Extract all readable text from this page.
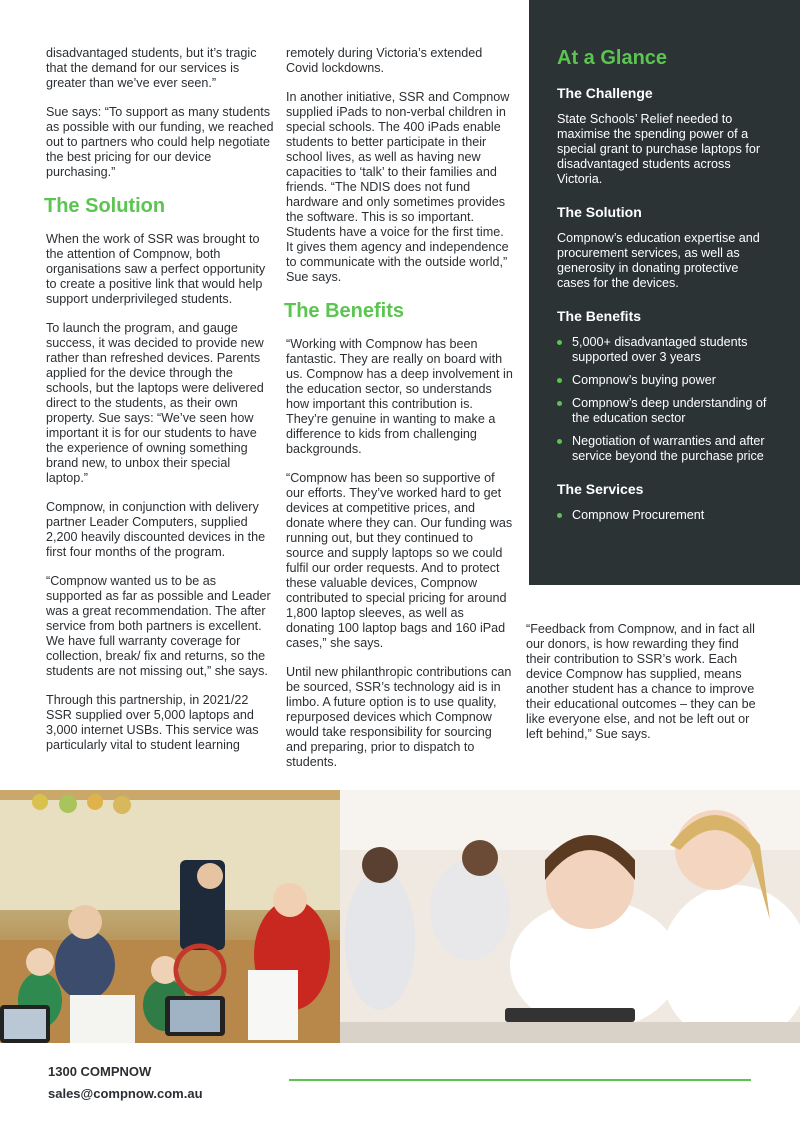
disadvantaged students, but it’s tragic that the demand for our services is greater than we’ve ever seen.”

Sue says: “To support as many students as possible with our funding, we reached out to partners who could help negotiate the best pricing for our device purchasing.”

The Solution

When the work of SSR was brought to the attention of Compnow, both organisations saw a perfect opportunity to create a positive link that would help support underprivileged students.

To launch the program, and gauge success, it was decided to provide new rather than refreshed devices. Parents applied for the device through the schools, but the laptops were delivered direct to the students, as their own property. Sue says: “We’ve seen how important it is for our students to have the experience of owning something brand new, to unbox their special laptop.”

Compnow, in conjunction with delivery partner Leader Computers, supplied 2,200 heavily discounted devices in the first four months of the program.

“Compnow wanted us to be as supported as far as possible and Leader was a great recommendation. The after service from both partners is excellent. We have full warranty coverage for collection, break/ fix and returns, so the students are not missing out,” she says.

Through this partnership, in 2021/22 SSR supplied over 5,000 laptops and 3,000 internet USBs. This service was particularly vital to student learning

remotely during Victoria’s extended Covid lockdowns.

In another initiative, SSR and Compnow supplied iPads to non-verbal children in special schools. The 400 iPads enable students to better participate in their school lives, as well as having new capacities to ‘talk’ to their families and friends. “The NDIS does not fund hardware and only sometimes provides the software. This is so important. Students have a voice for the first time. It gives them agency and independence to communicate with the outside world,” Sue says.

The Benefits

“Working with Compnow has been fantastic. They are really on board with us. Compnow has a deep involvement in the education sector, so understands how important this contribution is. They’re genuine in wanting to make a difference to kids from challenging backgrounds.

“Compnow has been so supportive of our efforts. They’ve worked hard to get devices at competitive prices, and donate where they can. Our funding was running out, but they continued to source and supply laptops so we could fulfil our order requests. And to protect these valuable devices, Compnow contributed to special pricing for around 1,800 laptop sleeves, as well as donating 100 laptop bags and 160 iPad cases,” she says.

Until new philanthropic contributions can be sourced, SSR’s technology aid is in limbo. A future option is to use quality, repurposed devices which Compnow would take responsibility for sourcing and preparing, prior to dispatch to students.

At a Glance
The Challenge
State Schools’ Relief needed to maximise the spending power of a special grant to purchase laptops for disadvantaged students across Victoria.
The Solution
Compnow’s education expertise and procurement services, as well as generosity in donating protective cases for the devices.
The Benefits
5,000+ disadvantaged students supported over 3 years
Compnow’s buying power
Compnow’s deep understanding of the education sector
Negotiation of warranties and after service beyond the purchase price
The Services
Compnow Procurement

“Feedback from Compnow, and in fact all our donors, is how rewarding they find their contribution to SSR’s work. Each device Compnow has supplied, means another student has a chance to improve their educational outcomes – they can be like everyone else, and not be left out or left behind,” Sue says.

1300 COMPNOW
sales@compnow.com.au
